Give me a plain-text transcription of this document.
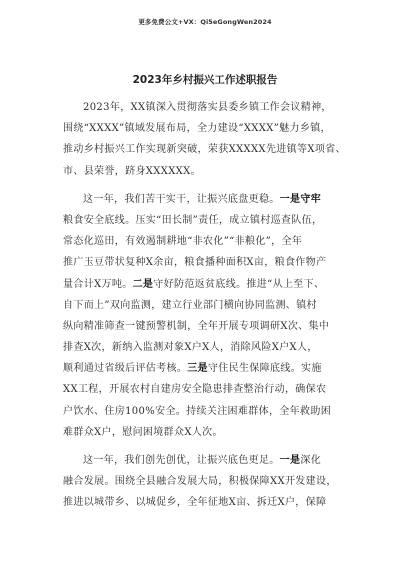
更多免费公文+VX：Qi5eGongWen2024
2023年乡村振兴工作述职报告
2023年，XX镇深入贯彻落实县委乡镇工作会议精神，
围绕“XXXX”镇域发展布局，全力建设“XXXX”魅力乡镇，
推动乡村振兴工作实现新突破，荣获XXXXX先进镇等X项省、
市、县荣誉，跻身XXXXXX。
这一年，我们苦干实干，让振兴底盘更稳。一是守牢
粮食安全底线。压实“田长制”责任，成立镇村巡查队伍，
常态化巡田，有效遏制耕地“非农化”“非粮化”，全年
推广玉豆带状复种X余亩，粮食播种面积X亩，粮食作物产
量合计X万吨。二是守好防范返贫底线。推进“从上至下、
自下而上”双向监测，建立行业部门横向协同监测、镇村
纵向精准筛查一键预警机制，全年开展专项调研X次、集中
排查X次，新纳入监测对象X户X人，消除风险X户X人，
顺利通过省级后评估考核。三是守住民生保障底线。实施
XX工程，开展农村自建房安全隐患排查整治行动，确保农
户饮水、住房100%安全。持续关注困难群体，全年救助困
难群众X户，慰问困境群众X人次。
这一年，我们创先创优，让振兴底色更足。一是深化
融合发展。围绕全县融合发展大局，积极保障XX开发建设，
推进以城带乡、以城促乡，全年征地X亩、拆迁X户，保障
